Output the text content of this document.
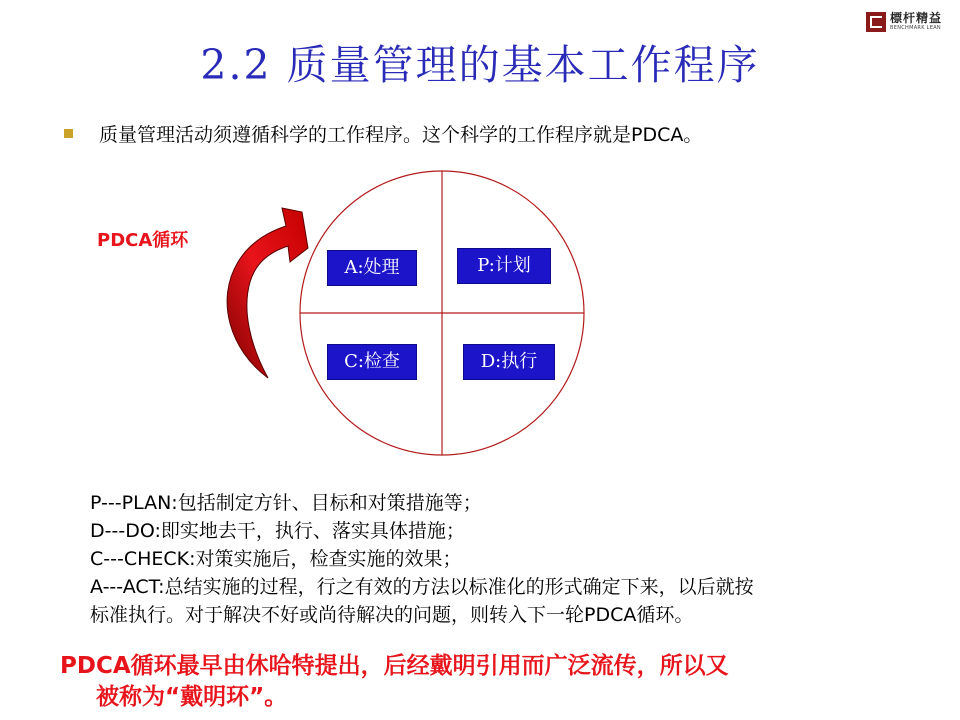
標杆精益
BENCHMARK LEAN
2.2 质量管理的基本工作程序
质量管理活动须遵循科学的工作程序。这个科学的工作程序就是PDCA。
PDCA循环
A:处理	P:计划
C:检查	D:执行
P---PLAN:包括制定方针、目标和对策措施等；
D---DO:即实地去干，执行、落实具体措施；
C---CHECK:对策实施后，检查实施的效果；
A---ACT:总结实施的过程，行之有效的方法以标准化的形式确定下来，以后就按
标准执行。对于解决不好或尚待解决的问题，则转入下一轮PDCA循环。
PDCA循环最早由休哈特提出，后经戴明引用而广泛流传，所以又
被称为“戴明环”。
